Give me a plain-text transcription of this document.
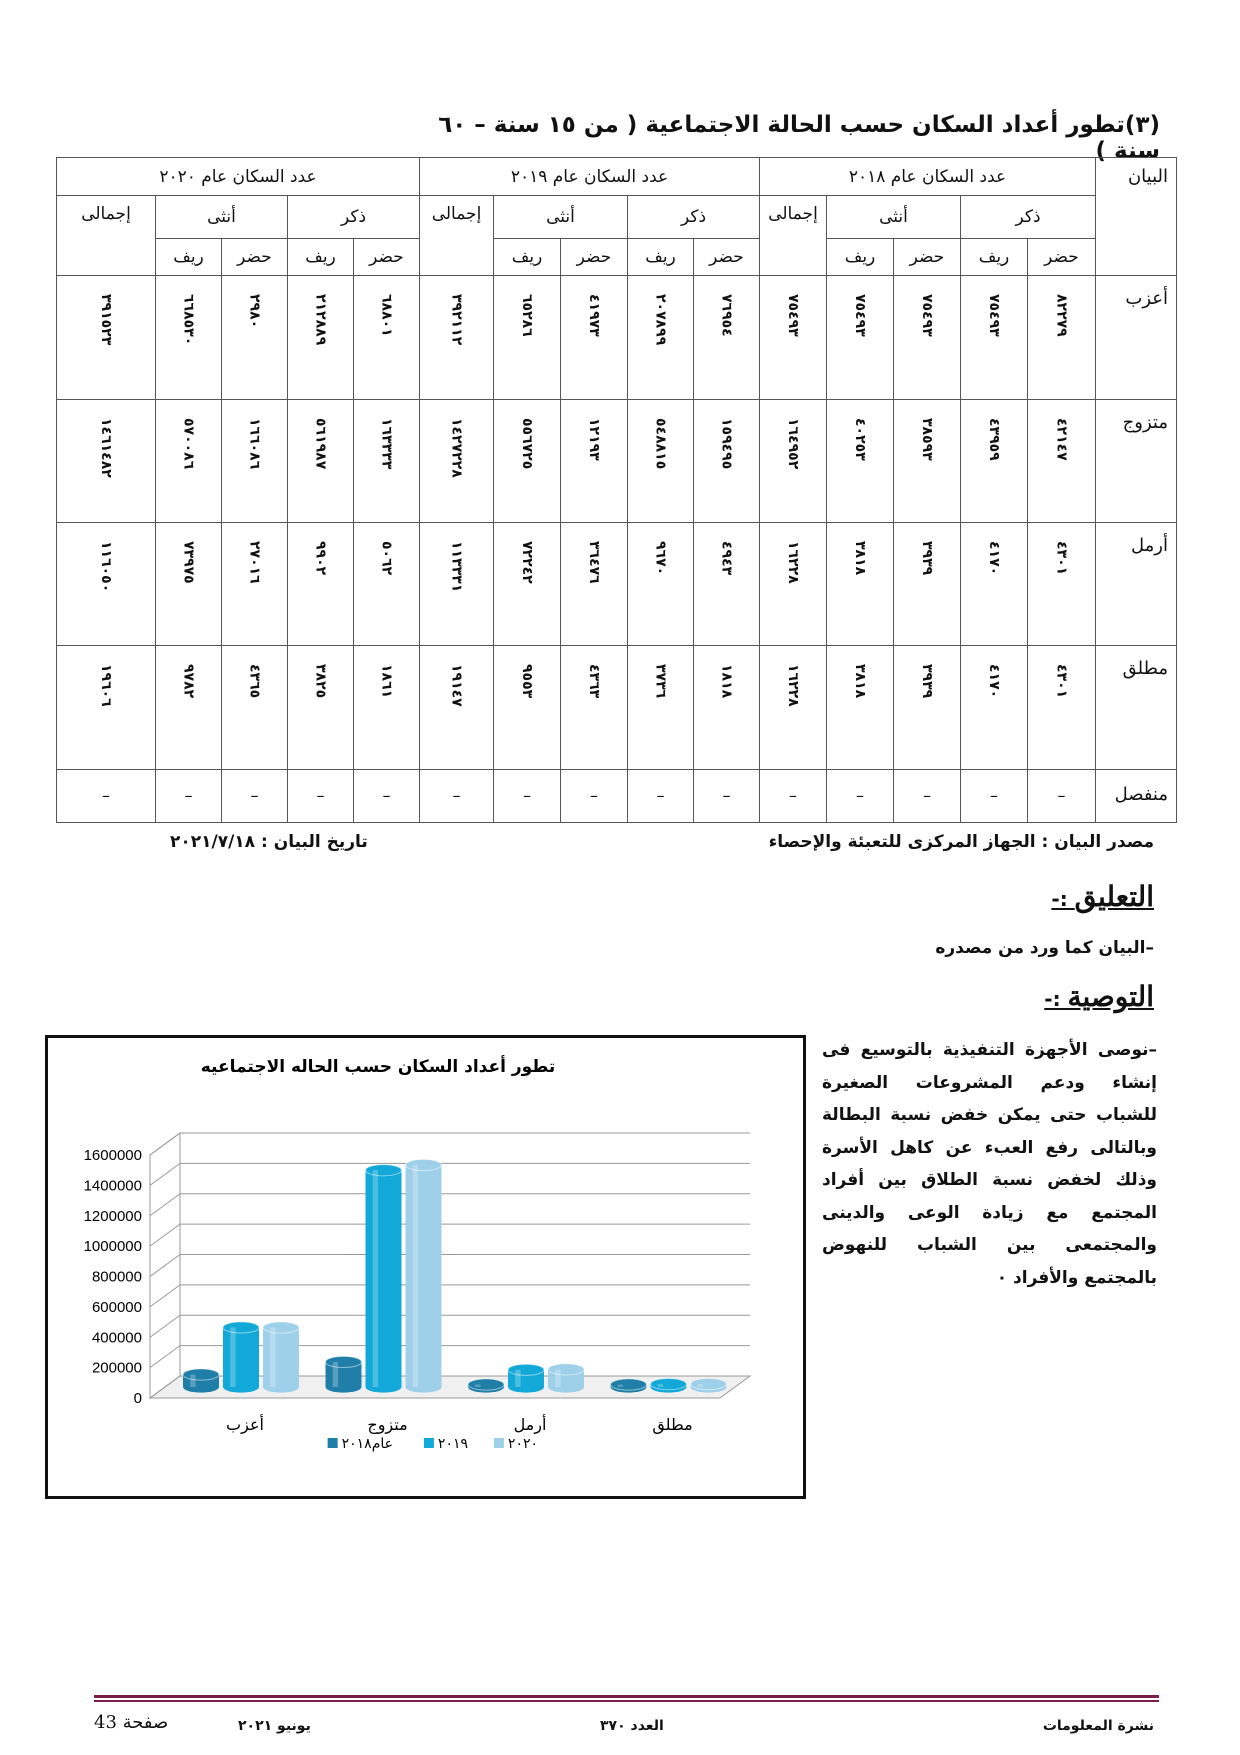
(٣)تطور أعداد السكان حسب الحالة الاجتماعية ( من ١٥ سنة – ٦٠ سنة )
البيان	عدد السكان عام ٢٠١٨					عدد السكان عام ٢٠١٩					عدد السكان عام ٢٠٢٠				
	ذكر		أنثى		إجمالى	ذكر		أنثى		إجمالى	ذكر		أنثى		إجمالى
	حضر	ريف	حضر	ريف		حضر	ريف	حضر	ريف		حضر	ريف	حضر	ريف	
أعزب	٨٢٢٧٩	٧٥٤٩٣	٧٥٤٩٣	٧٥٤٩٣	٧٥٤٩٣	٧٦٩٥٤	٢٠٧٨٩٩	٤١٩٧٣	٦٥٢٨٦	٣٩٢١١٢	٦٨٨٠١	٢١٢٨٨٩	٢٩٨٠	٦٦٨٥٣٠	٣٩١٥٢٣
متزوج	٤٢١٤٧	٤٣٩٥٩	٣٨٥٩٣	٤٠٢٥٣	١٦٤٩٥٢	١٥٩٤٩٥	٥٤٨٨١٥	١٢١٩٣	٥٥٦٧٢٥	١٤٢٧٢٢٨	١٦٣٣٣٣	٥٦١٩٨٧	١٦٦٠٨٦	٥٧٠٠٨٦	١٤٦١٤٨٢
أرمل	٤٣٠١	٤١٧٠	٣٩٣٩	٣٨١٨	١٦٢٢٨	٤٩٤٣	٩٦٧٠	٣٦٤٧٦	٧٢٢٤٢	١١٣٣٣١	٥٠٦٢	٩٩٠٢	٢٧٠١٦	٧٣٩٧٥	١١٦٠٥٠
مطلق	٤٣٠١	٤١٧٠	٣٩٣٩	٣٨١٨	١٦٢٢٨	١٨١٨	٣٧٣٦	٤٣٦٣	٩٥٥٣	١٩١٤٧	١٨٦١	٣٨٢٥	٤٣٦٥	٩٧٨٢	١٩٦٠٦
منفصل	–	–	–	–	–	–	–	–	–	–	–	–	–	–	–
مصدر البيان : الجهاز المركزى للتعبئة والإحصاء
تاريخ البيان : ٢٠٢١/٧/١٨
التعليق :-
–البيان كما ورد من مصدره
التوصية :-
–نوصى الأجهزة التنفيذية بالتوسيع فى إنشاء ودعم المشروعات الصغيرة للشباب حتى يمكن خفض نسبة البطالة وبالتالى رفع العبء عن كاهل الأسرة وذلك لخفض نسبة الطلاق بين أفراد المجتمع مع زيادة الوعى والدينى والمجتمعى بين الشباب للنهوض بالمجتمع والأفراد ٠
تطور أعداد السكان حسب الحاله الاجتماعيه
0
200000
400000
600000
800000
1000000
1200000
1400000
1600000
أعزب	متزوج	أرمل	مطلق
٢٠٢٠
٢٠١٩
عام٢٠١٨
نشرة المعلومات
العدد ٣٧٠
يونيو ٢٠٢١
صفحة 43
